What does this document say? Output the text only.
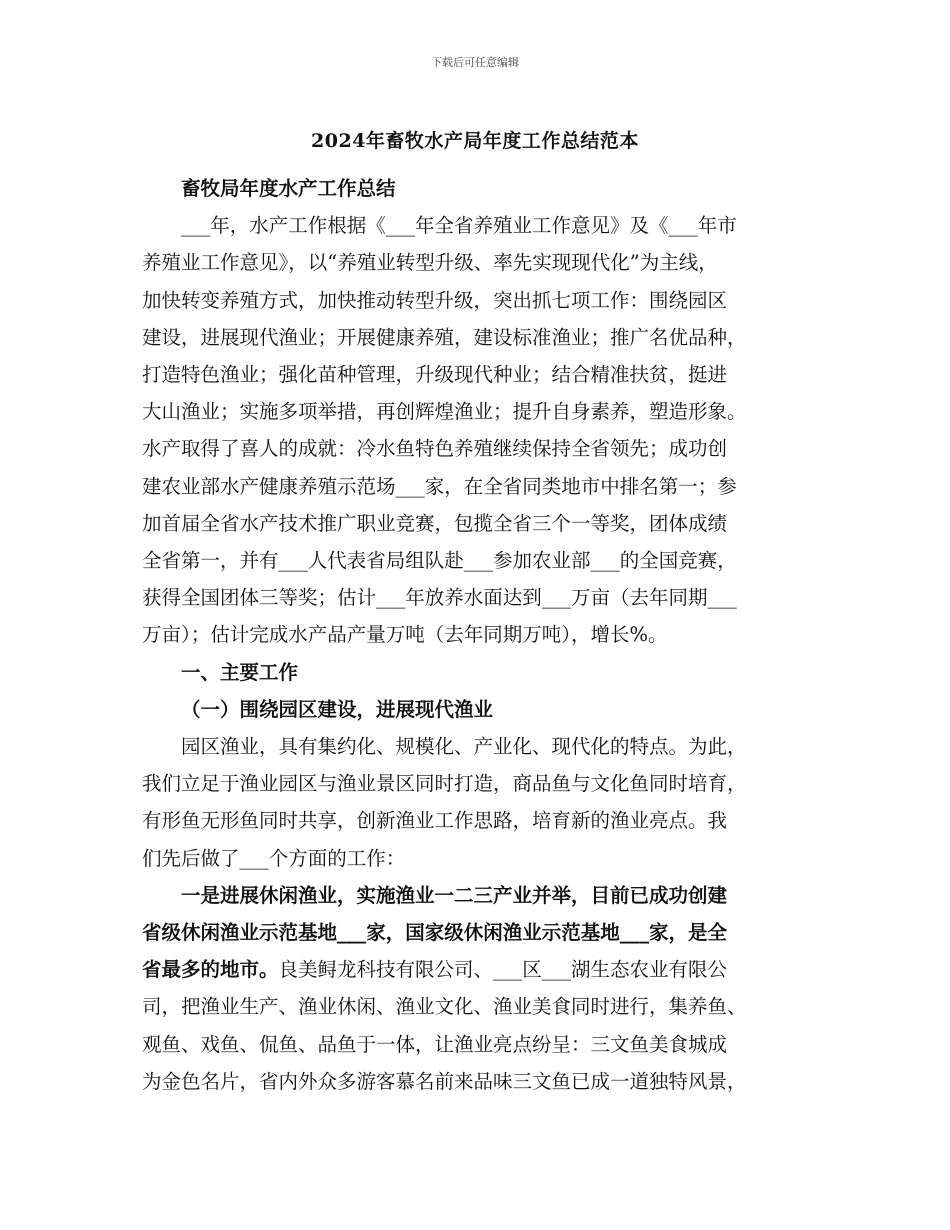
下载后可任意编辑
2024年畜牧水产局年度工作总结范本

畜牧局年度水产工作总结

___年，水产工作根据《___年全省养殖业工作意见》及《___年市
养殖业工作意见》，以“养殖业转型升级、率先实现现代化”为主线，
加快转变养殖方式，加快推动转型升级，突出抓七项工作：围绕园区
建设，进展现代渔业；开展健康养殖，建设标准渔业；推广名优品种，
打造特色渔业；强化苗种管理，升级现代种业；结合精准扶贫，挺进
大山渔业；实施多项举措，再创辉煌渔业；提升自身素养，塑造形象。
水产取得了喜人的成就：冷水鱼特色养殖继续保持全省领先；成功创
建农业部水产健康养殖示范场___家，在全省同类地市中排名第一；参
加首届全省水产技术推广职业竞赛，包揽全省三个一等奖，团体成绩
全省第一，并有___人代表省局组队赴___参加农业部___的全国竞赛，
获得全国团体三等奖；估计___年放养水面达到___万亩（去年同期___
万亩）；估计完成水产品产量万吨（去年同期万吨），增长%。

一、主要工作

（一）围绕园区建设，进展现代渔业

园区渔业，具有集约化、规模化、产业化、现代化的特点。为此，
我们立足于渔业园区与渔业景区同时打造，商品鱼与文化鱼同时培育，
有形鱼无形鱼同时共享，创新渔业工作思路，培育新的渔业亮点。我
们先后做了___个方面的工作：

一是进展休闲渔业，实施渔业一二三产业并举，目前已成功创建
省级休闲渔业示范基地___家，国家级休闲渔业示范基地___家，是全
省最多的地市。良美鲟龙科技有限公司、___区___湖生态农业有限公
司，把渔业生产、渔业休闲、渔业文化、渔业美食同时进行，集养鱼、
观鱼、戏鱼、侃鱼、品鱼于一体，让渔业亮点纷呈：三文鱼美食城成
为金色名片，省内外众多游客慕名前来品味三文鱼已成一道独特风景，
